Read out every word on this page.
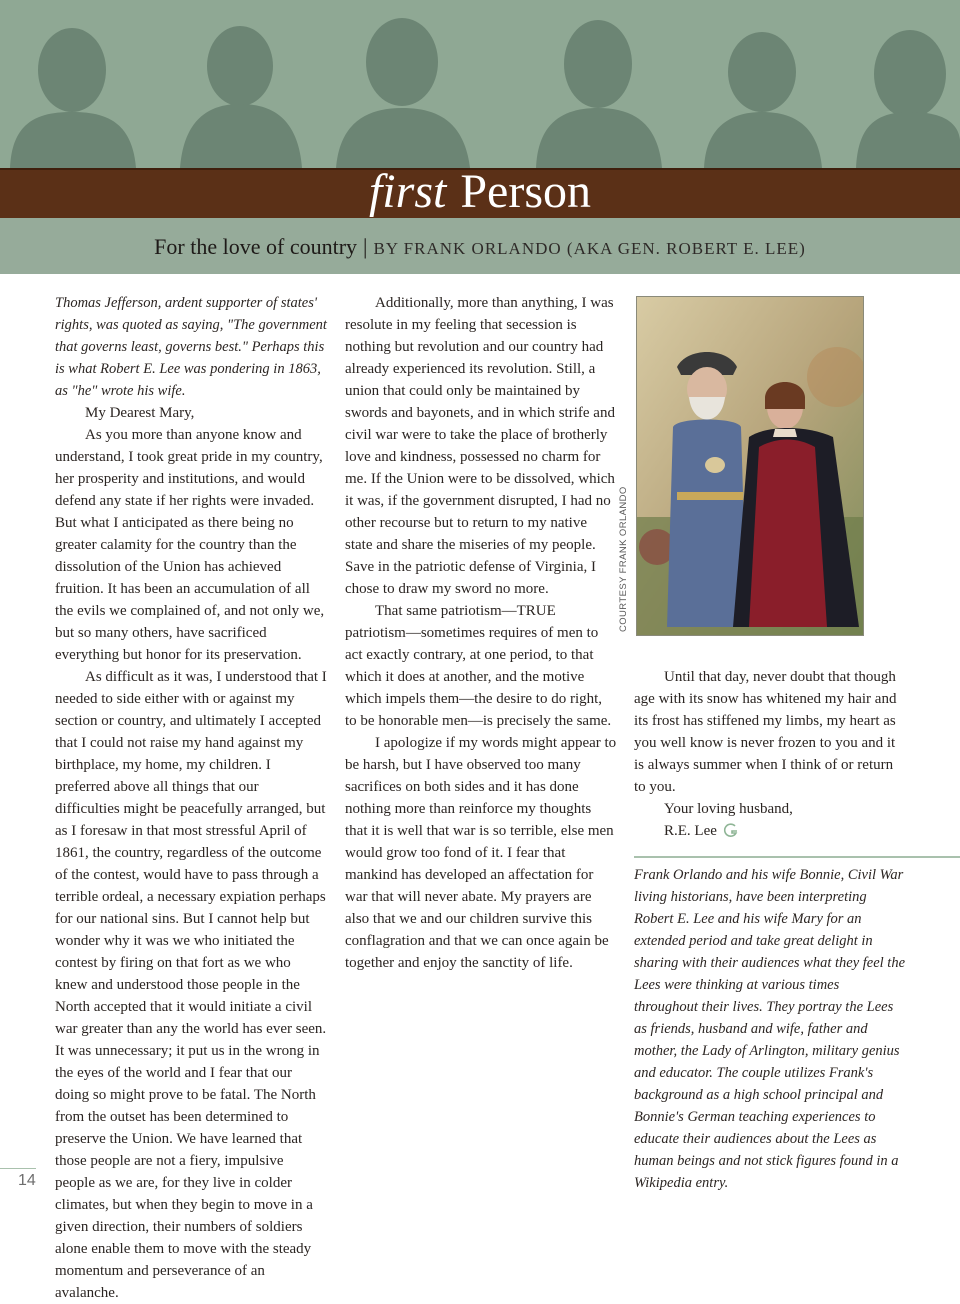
first Person
For the love of country | BY FRANK ORLANDO (AKA GEN. ROBERT E. LEE)

Thomas Jefferson, ardent supporter of states' rights, was quoted as saying, "The government that governs least, governs best." Perhaps this is what Robert E. Lee was pondering in 1863, as "he" wrote his wife.

My Dearest Mary,

As you more than anyone know and understand, I took great pride in my country, her prosperity and institutions, and would defend any state if her rights were invaded. But what I anticipated as there being no greater calamity for the country than the dissolution of the Union has achieved fruition. It has been an accumulation of all the evils we complained of, and not only we, but so many others, have sacrificed everything but honor for its preservation.

As difficult as it was, I understood that I needed to side either with or against my section or country, and ultimately I accepted that I could not raise my hand against my birthplace, my home, my children. I preferred above all things that our difficulties might be peacefully arranged, but as I foresaw in that most stressful April of 1861, the country, regardless of the outcome of the contest, would have to pass through a terrible ordeal, a necessary expiation perhaps for our national sins. But I cannot help but wonder why it was we who initiated the contest by firing on that fort as we who knew and understood those people in the North accepted that it would initiate a civil war greater than any the world has ever seen. It was unnecessary; it put us in the wrong in the eyes of the world and I fear that our doing so might prove to be fatal. The North from the outset has been determined to preserve the Union. We have learned that those people are not a fiery, impulsive people as we are, for they live in colder climates, but when they begin to move in a given direction, their numbers of soldiers alone enable them to move with the steady momentum and perseverance of an avalanche.

Additionally, more than anything, I was resolute in my feeling that secession is nothing but revolution and our country had already experienced its revolution. Still, a union that could only be maintained by swords and bayonets, and in which strife and civil war were to take the place of brotherly love and kindness, possessed no charm for me. If the Union were to be dissolved, which it was, if the government disrupted, I had no other recourse but to return to my native state and share the miseries of my people. Save in the patriotic defense of Virginia, I chose to draw my sword no more.

That same patriotism—TRUE patriotism—sometimes requires of men to act exactly contrary, at one period, to that which it does at another, and the motive which impels them—the desire to do right, to be honorable men—is precisely the same.

I apologize if my words might appear to be harsh, but I have observed too many sacrifices on both sides and it has done nothing more than reinforce my thoughts that it is well that war is so terrible, else men would grow too fond of it. I fear that mankind has developed an affectation for war that will never abate. My prayers are also that we and our children survive this conflagration and that we can once again be together and enjoy the sanctity of life.

COURTESY FRANK ORLANDO

Until that day, never doubt that though age with its snow has whitened my hair and its frost has stiffened my limbs, my heart as you well know is never frozen to you and it is always summer when I think of or return to you.

Your loving husband,

R.E. Lee

Frank Orlando and his wife Bonnie, Civil War living historians, have been interpreting Robert E. Lee and his wife Mary for an extended period and take great delight in sharing with their audiences what they feel the Lees were thinking at various times throughout their lives. They portray the Lees as friends, husband and wife, father and mother, the Lady of Arlington, military genius and educator. The couple utilizes Frank's background as a high school principal and Bonnie's German teaching experiences to educate their audiences about the Lees as human beings and not stick figures found in a Wikipedia entry.

14
